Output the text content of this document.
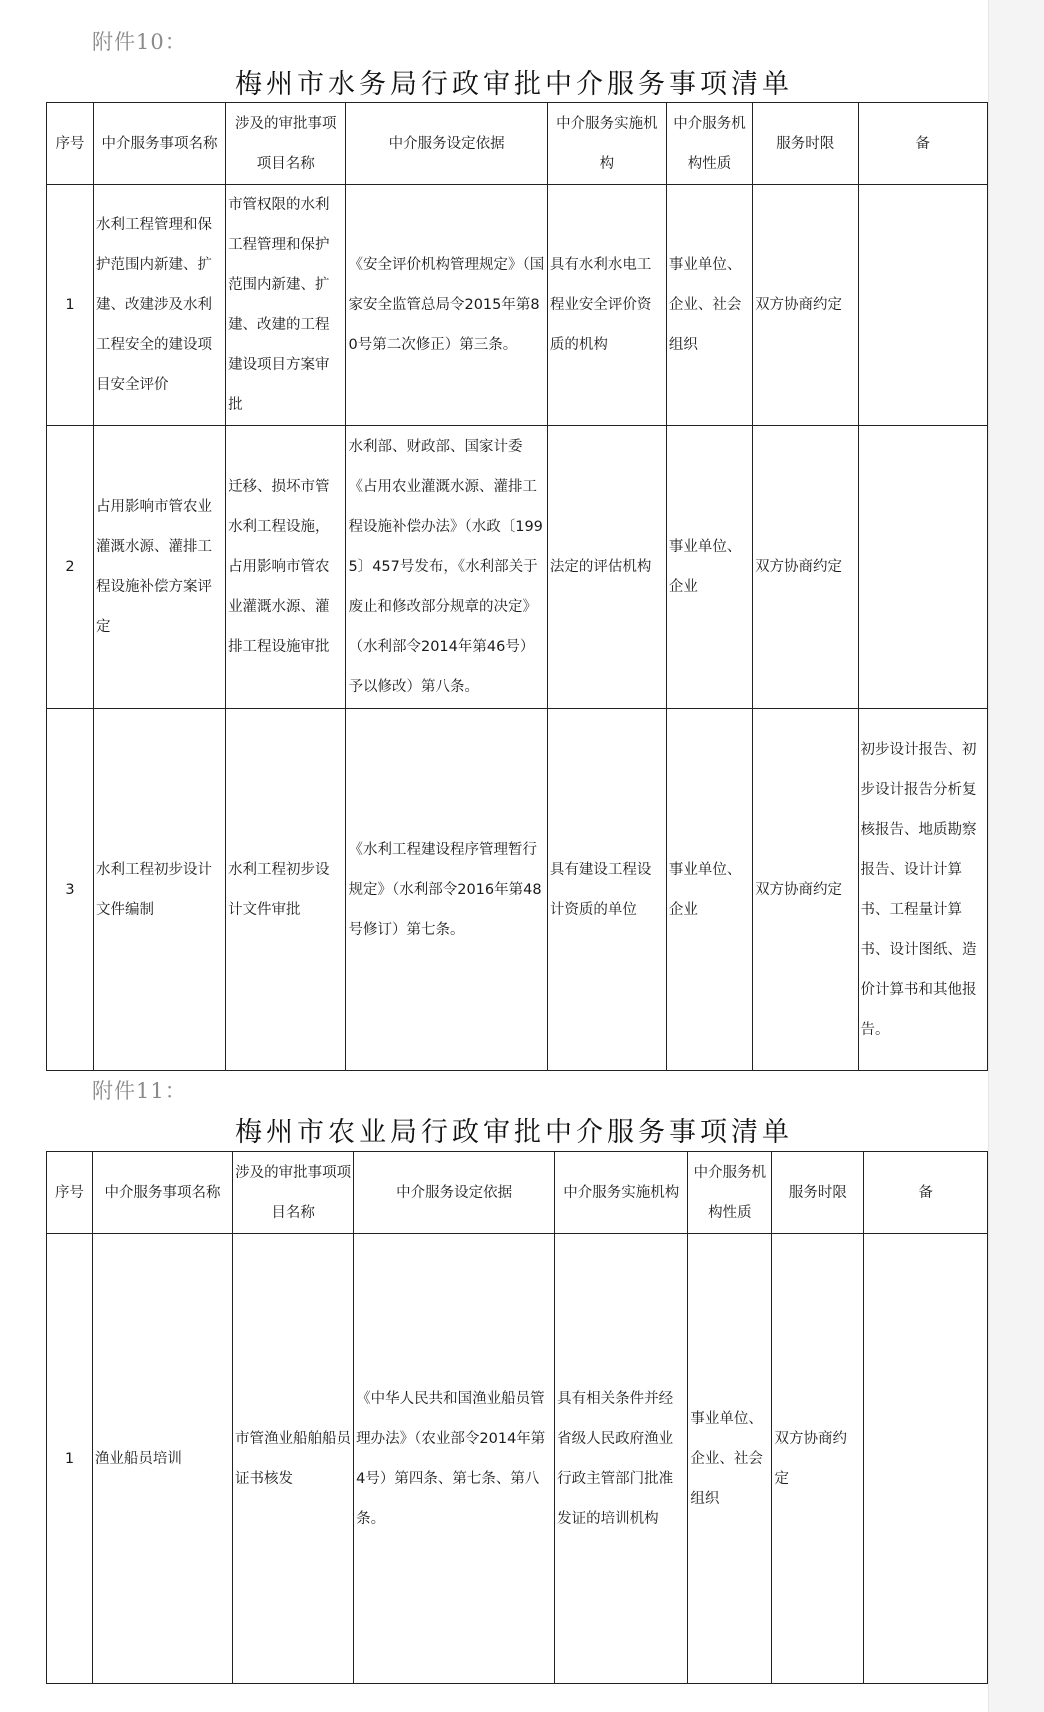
附件10：
梅州市水务局行政审批中介服务事项清单
序号	中介服务事项名称	涉及的审批事项项目名称	中介服务设定依据	中介服务实施机构	中介服务机构性质	服务时限	备
1	水利工程管理和保护范围内新建、扩建、改建涉及水利工程安全的建设项目安全评价	市管权限的水利工程管理和保护范围内新建、扩建、改建的工程建设项目方案审批	《安全评价机构管理规定》（国家安全监管总局令2015年第80号第二次修正）第三条。	具有水利水电工程业安全评价资质的机构	事业单位、企业、社会组织	双方协商约定	
2	占用影响市管农业灌溉水源、灌排工程设施补偿方案评定	迁移、损坏市管水利工程设施，占用影响市管农业灌溉水源、灌排工程设施审批	水利部、财政部、国家计委《占用农业灌溉水源、灌排工程设施补偿办法》（水政〔1995〕457号发布，《水利部关于废止和修改部分规章的决定》（水利部令2014年第46号）予以修改）第八条。	法定的评估机构	事业单位、企业	双方协商约定	
3	水利工程初步设计文件编制	水利工程初步设计文件审批	《水利工程建设程序管理暂行规定》（水利部令2016年第48号修订）第七条。	具有建设工程设计资质的单位	事业单位、企业	双方协商约定	初步设计报告、初步设计报告分析复核报告、地质勘察报告、设计计算书、工程量计算书、设计图纸、造价计算书和其他报告。
附件11：
梅州市农业局行政审批中介服务事项清单
序号	中介服务事项名称	涉及的审批事项项目名称	中介服务设定依据	中介服务实施机构	中介服务机构性质	服务时限	备
1	渔业船员培训	市管渔业船舶船员证书核发	《中华人民共和国渔业船员管理办法》（农业部令2014年第4号）第四条、第七条、第八条。	具有相关条件并经省级人民政府渔业行政主管部门批准发证的培训机构	事业单位、企业、社会组织	双方协商约定	
